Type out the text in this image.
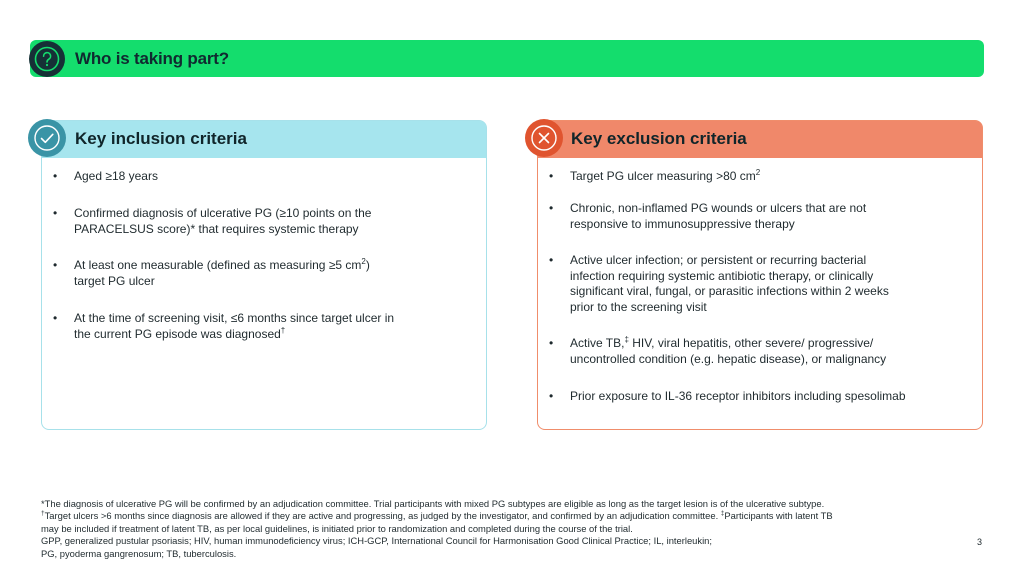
Who is taking part?
Key inclusion criteria
• Aged ≥18 years
• Confirmed diagnosis of ulcerative PG (≥10 points on the
PARACELSUS score)* that requires systemic therapy
• At least one measurable (defined as measuring ≥5 $cm^2$)
target PG ulcer
• At the time of screening visit, ≤6 months since target ulcer in
the current PG episode was diagnosed†
Key exclusion criteria
• Target PG ulcer measuring >80 $cm^2$
• Chronic, non-inflamed PG wounds or ulcers that are not
responsive to immunosuppressive therapy
• Active ulcer infection; or persistent or recurring bacterial
infection requiring systemic antibiotic therapy, or clinically
significant viral, fungal, or parasitic infections within 2 weeks
prior to the screening visit
• Active TB,‡ HIV, viral hepatitis, other severe/ progressive/
uncontrolled condition (e.g. hepatic disease), or malignancy
• Prior exposure to IL-36 receptor inhibitors including spesolimab
*The diagnosis of ulcerative PG will be confirmed by an adjudication committee. Trial participants with mixed PG subtypes are eligible as long as the target lesion is of the ulcerative subtype.
†Target ulcers >6 months since diagnosis are allowed if they are active and progressing, as judged by the investigator, and confirmed by an adjudication committee. ‡Participants with latent TB
may be included if treatment of latent TB, as per local guidelines, is initiated prior to randomization and completed during the course of the trial.
GPP, generalized pustular psoriasis; HIV, human immunodeficiency virus; ICH-GCP, International Council for Harmonisation Good Clinical Practice; IL, interleukin;
PG, pyoderma gangrenosum; TB, tuberculosis.
3
